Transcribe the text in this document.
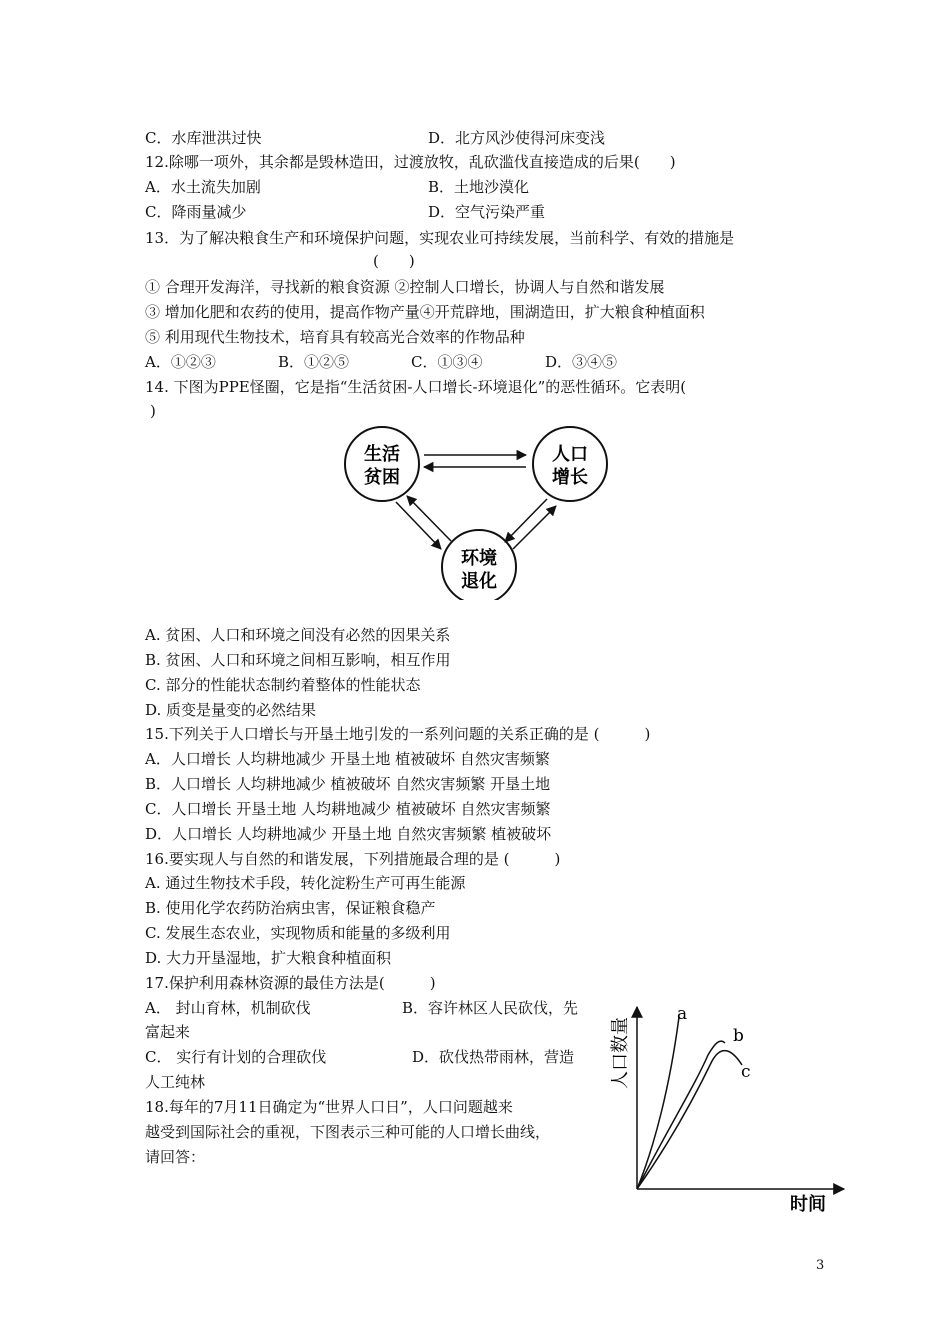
C．水库泄洪过快	D．北方风沙使得河床变浅
12.除哪一项外，其余都是毁林造田，过渡放牧，乱砍滥伐直接造成的后果(　　)
A．水土流失加剧	B．土地沙漠化
C．降雨量减少	D．空气污染严重
13．为了解决粮食生产和环境保护问题，实现农业可持续发展，当前科学、有效的措施是
(　　)
① 合理开发海洋，寻找新的粮食资源 ②控制人口增长，协调人与自然和谐发展
③ 增加化肥和农药的使用，提高作物产量④开荒辟地，围湖造田，扩大粮食种植面积
⑤ 利用现代生物技术，培育具有较高光合效率的作物品种
A．①②③	B．①②⑤	C．①③④	D．③④⑤
14. 下图为PPE怪圈，它是指“生活贫困-人口增长-环境退化”的恶性循环。它表明(
)
生活
贫困
人口
增长
环境
退化
A. 贫困、人口和环境之间没有必然的因果关系
B. 贫困、人口和环境之间相互影响，相互作用
C. 部分的性能状态制约着整体的性能状态
D. 质变是量变的必然结果
15.下列关于人口增长与开垦土地引发的一系列问题的关系正确的是 (　　　)
A．人口增长 人均耕地减少 开垦土地 植被破坏 自然灾害频繁
B．人口增长 人均耕地减少 植被破坏 自然灾害频繁 开垦土地
C．人口增长 开垦土地 人均耕地减少 植被破坏 自然灾害频繁
D．人口增长 人均耕地减少 开垦土地 自然灾害频繁 植被破坏
16.要实现人与自然的和谐发展，下列措施最合理的是 (　　　)
A. 通过生物技术手段，转化淀粉生产可再生能源
B. 使用化学农药防治病虫害，保证粮食稳产
C. 发展生态农业，实现物质和能量的多级利用
D. 大力开垦湿地，扩大粮食种植面积
17.保护利用森林资源的最佳方法是(　　　)
A． 封山育林，机制砍伐	B．容许林区人民砍伐，先
富起来
C． 实行有计划的合理砍伐	D．砍伐热带雨林，营造
人工纯林
18.每年的7月11日确定为“世界人口日”，人口问题越来
越受到国际社会的重视，下图表示三种可能的人口增长曲线，
请回答：
a
b
c
人口数量
时间
3
